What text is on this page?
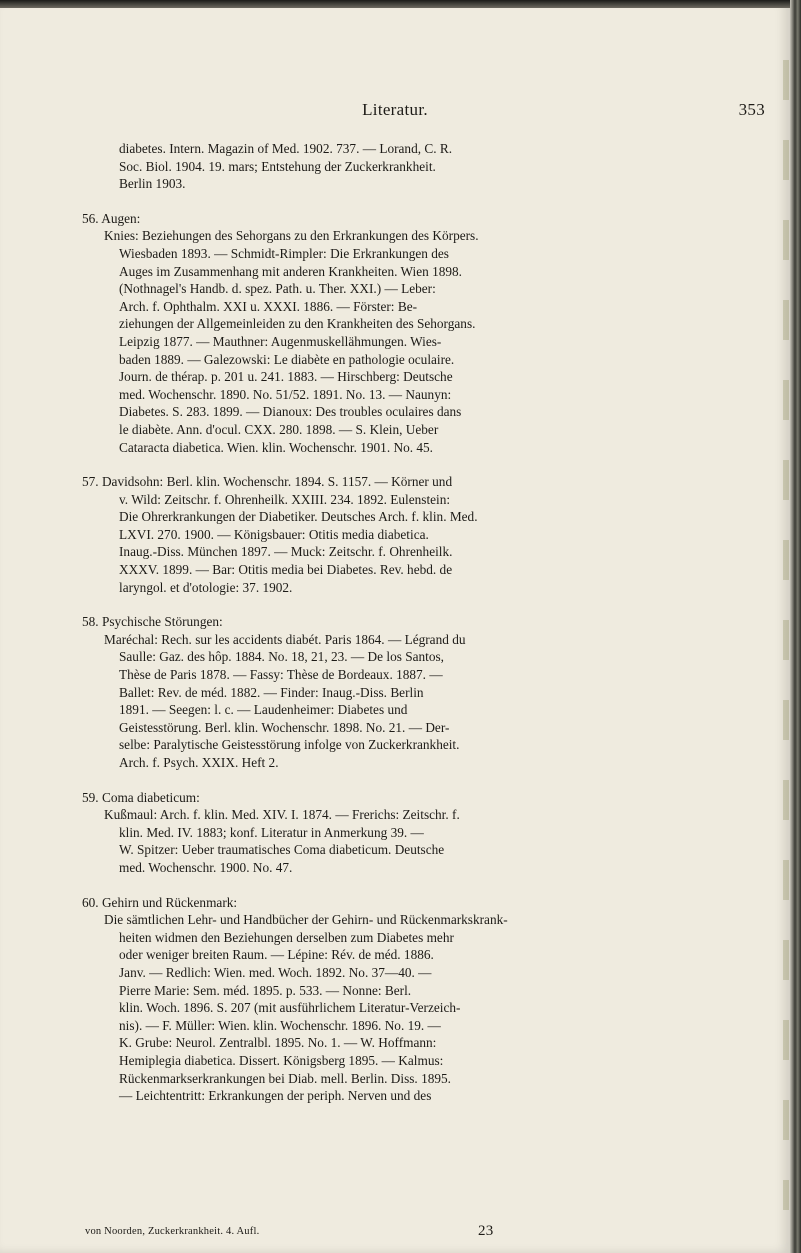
Literatur.	353
diabetes. Intern. Magazin of Med. 1902. 737. — Lorand, C. R.
Soc. Biol. 1904. 19. mars; Entstehung der Zuckerkrankheit.
Berlin 1903.
56. Augen:
Knies: Beziehungen des Sehorgans zu den Erkrankungen des Körpers.
Wiesbaden 1893. — Schmidt-Rimpler: Die Erkrankungen des
Auges im Zusammenhang mit anderen Krankheiten. Wien 1898.
(Nothnagel's Handb. d. spez. Path. u. Ther. XXI.) — Leber:
Arch. f. Ophthalm. XXI u. XXXI. 1886. — Förster: Be-
ziehungen der Allgemeinleiden zu den Krankheiten des Sehorgans.
Leipzig 1877. — Mauthner: Augenmuskellähmungen. Wies-
baden 1889. — Galezowski: Le diabète en pathologie oculaire.
Journ. de thérap. p. 201 u. 241. 1883. — Hirschberg: Deutsche
med. Wochenschr. 1890. No. 51/52. 1891. No. 13. — Naunyn:
Diabetes. S. 283. 1899. — Dianoux: Des troubles oculaires dans
le diabète. Ann. d'ocul. CXX. 280. 1898. — S. Klein, Ueber
Cataracta diabetica. Wien. klin. Wochenschr. 1901. No. 45.
57. Davidsohn: Berl. klin. Wochenschr. 1894. S. 1157. — Körner und
v. Wild: Zeitschr. f. Ohrenheilk. XXIII. 234. 1892. Eulenstein:
Die Ohrerkrankungen der Diabetiker. Deutsches Arch. f. klin. Med.
LXVI. 270. 1900. — Königsbauer: Otitis media diabetica.
Inaug.-Diss. München 1897. — Muck: Zeitschr. f. Ohrenheilk.
XXXV. 1899. — Bar: Otitis media bei Diabetes. Rev. hebd. de
laryngol. et d'otologie: 37. 1902.
58. Psychische Störungen:
Maréchal: Rech. sur les accidents diabét. Paris 1864. — Légrand du
Saulle: Gaz. des hôp. 1884. No. 18, 21, 23. — De los Santos,
Thèse de Paris 1878. — Fassy: Thèse de Bordeaux. 1887. —
Ballet: Rev. de méd. 1882. — Finder: Inaug.-Diss. Berlin
1891. — Seegen: l. c. — Laudenheimer: Diabetes und
Geistesstörung. Berl. klin. Wochenschr. 1898. No. 21. — Der-
selbe: Paralytische Geistesstörung infolge von Zuckerkrankheit.
Arch. f. Psych. XXIX. Heft 2.
59. Coma diabeticum:
Kußmaul: Arch. f. klin. Med. XIV. I. 1874. — Frerichs: Zeitschr. f.
klin. Med. IV. 1883; konf. Literatur in Anmerkung 39. —
W. Spitzer: Ueber traumatisches Coma diabeticum. Deutsche
med. Wochenschr. 1900. No. 47.
60. Gehirn und Rückenmark:
Die sämtlichen Lehr- und Handbücher der Gehirn- und Rückenmarkskrank-
heiten widmen den Beziehungen derselben zum Diabetes mehr
oder weniger breiten Raum. — Lépine: Rév. de méd. 1886.
Janv. — Redlich: Wien. med. Woch. 1892. No. 37—40. —
Pierre Marie: Sem. méd. 1895. p. 533. — Nonne: Berl.
klin. Woch. 1896. S. 207 (mit ausführlichem Literatur-Verzeich-
nis). — F. Müller: Wien. klin. Wochenschr. 1896. No. 19. —
K. Grube: Neurol. Zentralbl. 1895. No. 1. — W. Hoffmann:
Hemiplegia diabetica. Dissert. Königsberg 1895. — Kalmus:
Rückenmarkserkrankungen bei Diab. mell. Berlin. Diss. 1895.
— Leichtentritt: Erkrankungen der periph. Nerven und des
von Noorden, Zuckerkrankheit. 4. Aufl.	23
